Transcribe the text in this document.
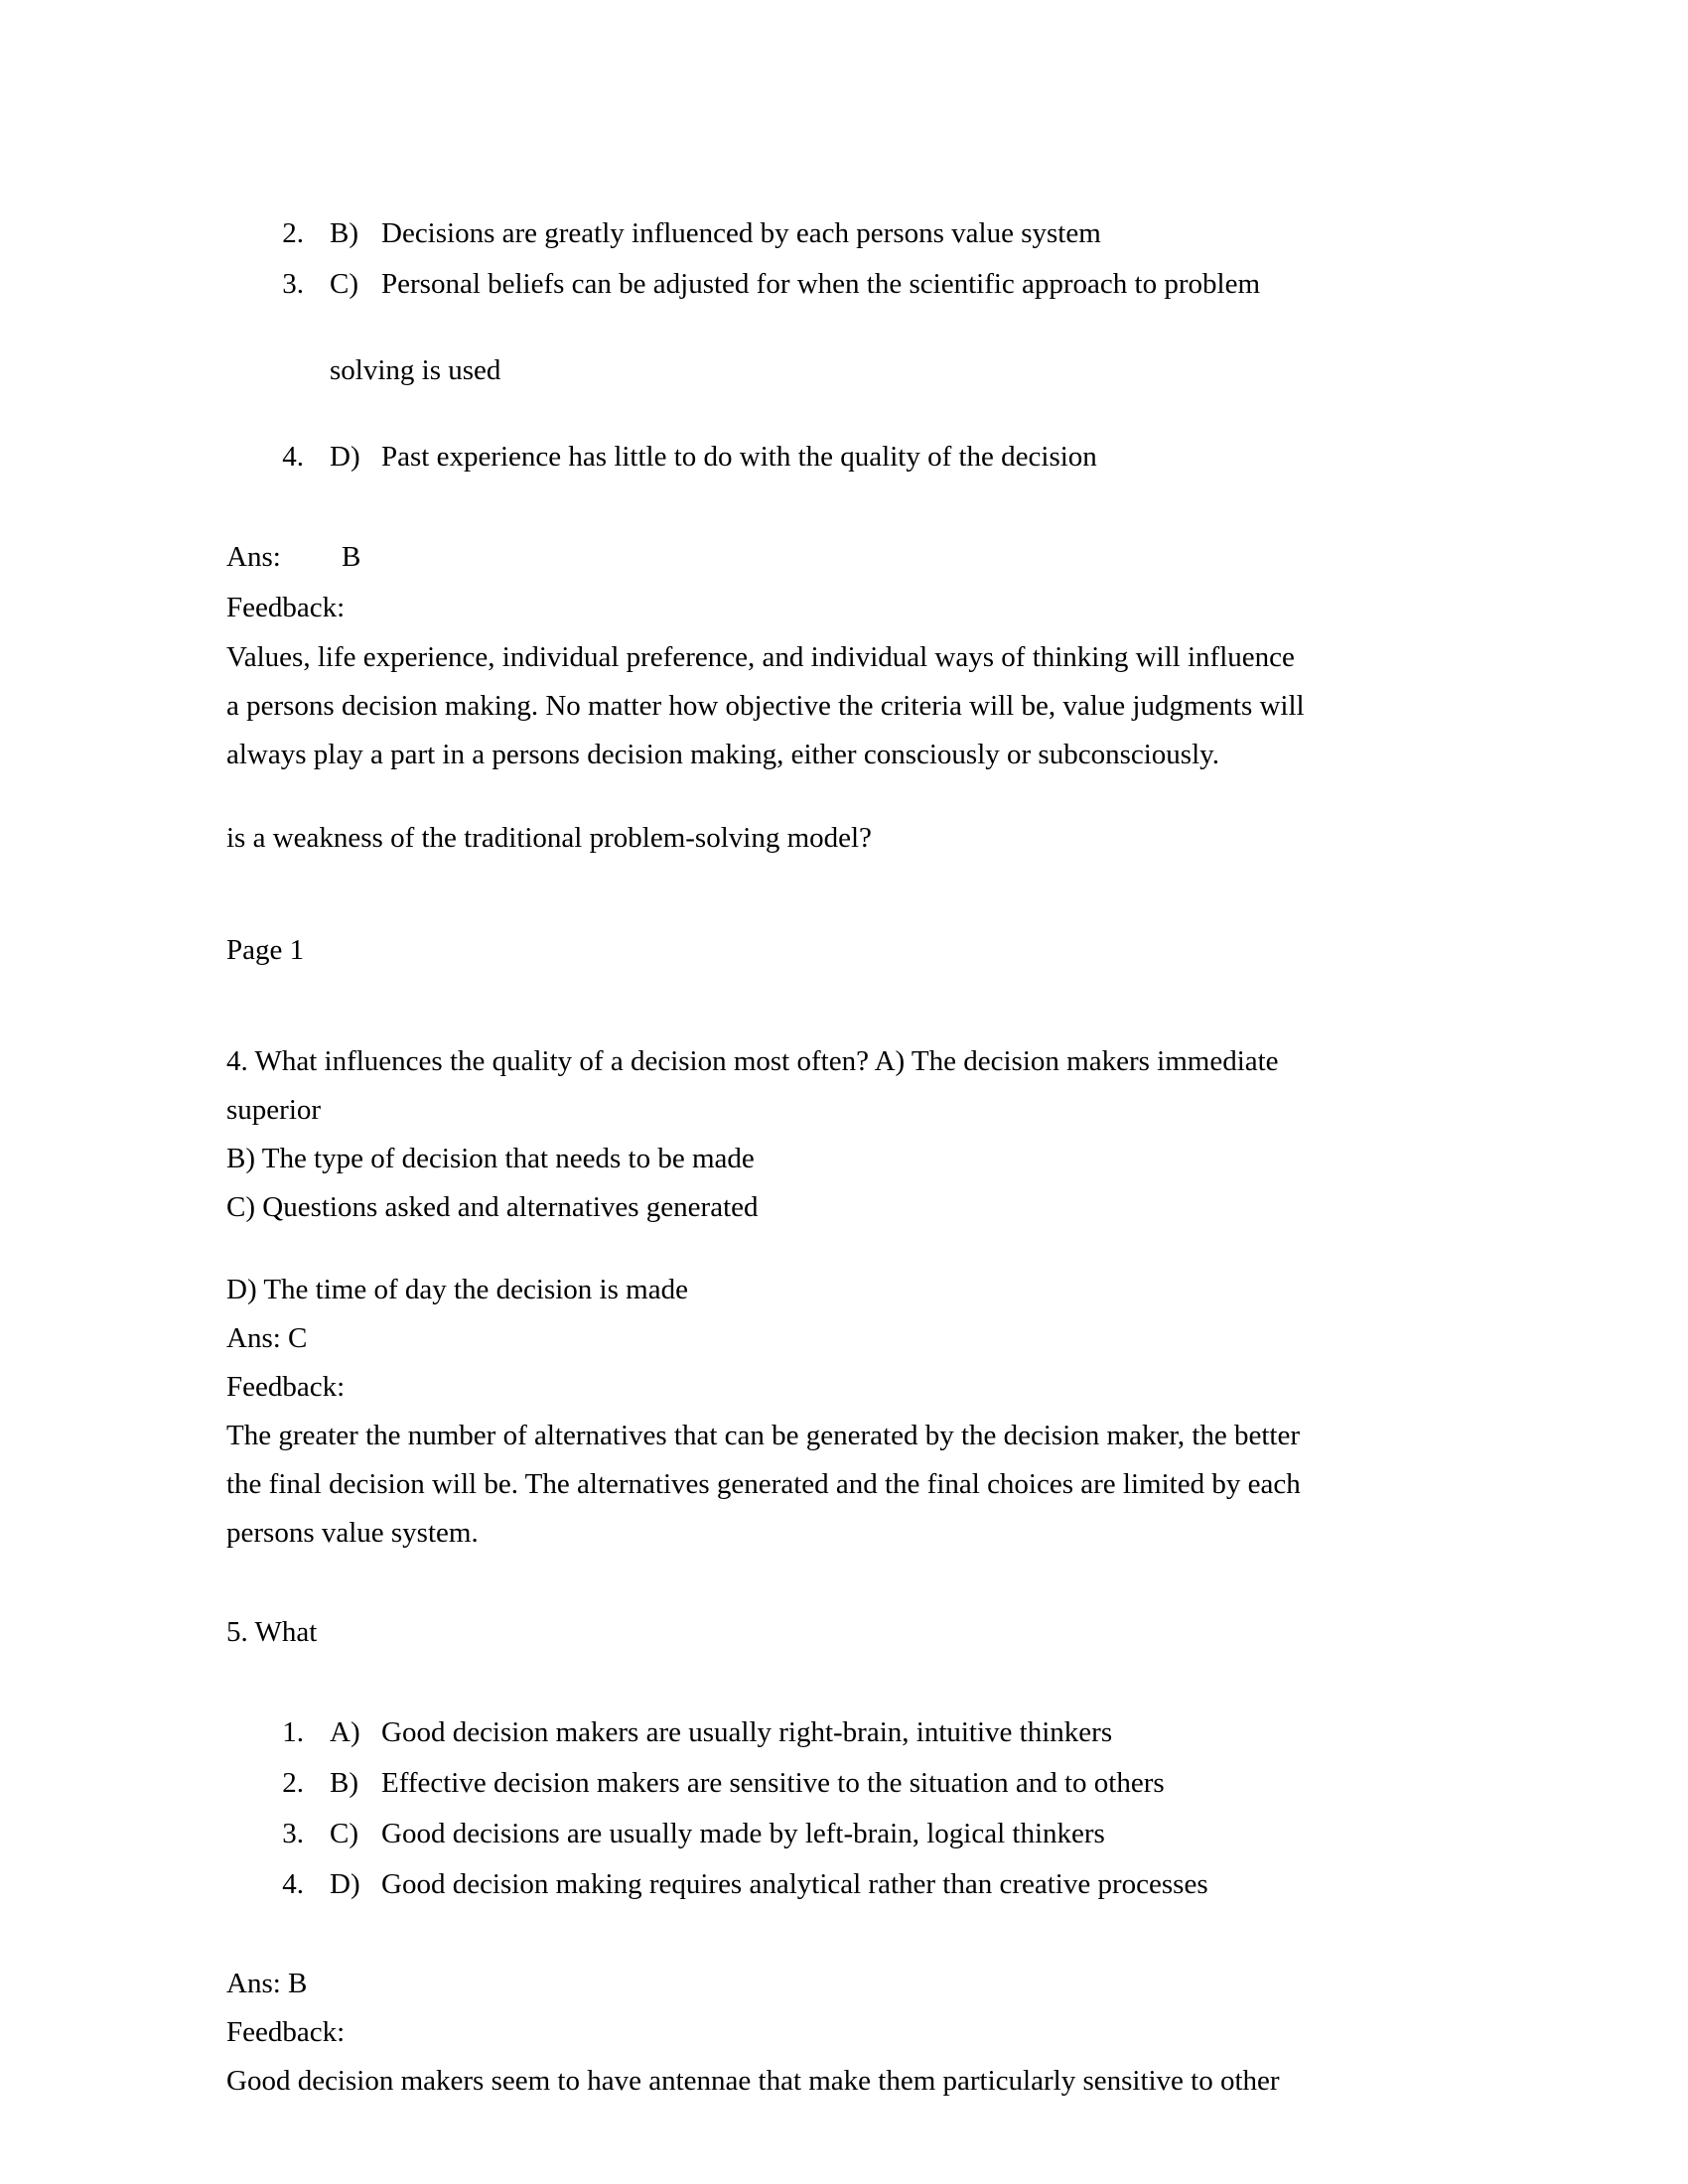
2. B) Decisions are greatly influenced by each persons value system
3. C) Personal beliefs can be adjusted for when the scientific approach to problem
solving is used
4. D) Past experience has little to do with the quality of the decision
Ans:	B
Feedback:
Values, life experience, individual preference, and individual ways of thinking will influence
a persons decision making. No matter how objective the criteria will be, value judgments will
always play a part in a persons decision making, either consciously or subconsciously.
is a weakness of the traditional problem-solving model?
Page 1
4. What influences the quality of a decision most often? A) The decision makers immediate
superior
B) The type of decision that needs to be made
C) Questions asked and alternatives generated
D) The time of day the decision is made
Ans: C
Feedback:
The greater the number of alternatives that can be generated by the decision maker, the better
the final decision will be. The alternatives generated and the final choices are limited by each
persons value system.
5. What
1. A) Good decision makers are usually right-brain, intuitive thinkers
2. B) Effective decision makers are sensitive to the situation and to others
3. C) Good decisions are usually made by left-brain, logical thinkers
4. D) Good decision making requires analytical rather than creative processes
Ans: B
Feedback:
Good decision makers seem to have antennae that make them particularly sensitive to other
